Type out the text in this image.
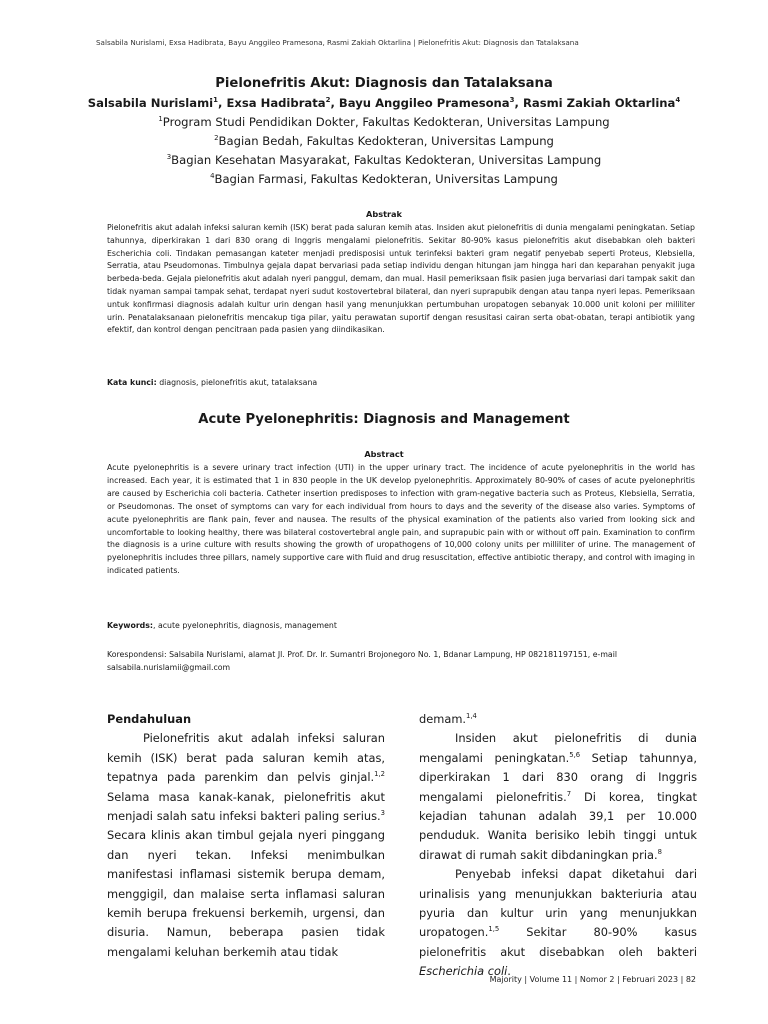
Salsabila Nurislami, Exsa Hadibrata, Bayu Anggileo Pramesona, Rasmi Zakiah Oktarlina | Pielonefritis Akut: Diagnosis dan Tatalaksana
Pielonefritis Akut: Diagnosis dan Tatalaksana
Salsabila Nurislami$^1$, Exsa Hadibrata$^2$, Bayu Anggileo Pramesona$^3$, Rasmi Zakiah Oktarlina$^4$
$^1$Program Studi Pendidikan Dokter, Fakultas Kedokteran, Universitas Lampung
$^2$Bagian Bedah, Fakultas Kedokteran, Universitas Lampung
$^3$Bagian Kesehatan Masyarakat, Fakultas Kedokteran, Universitas Lampung
$^4$Bagian Farmasi, Fakultas Kedokteran, Universitas Lampung
Abstrak
Pielonefritis akut adalah infeksi saluran kemih (ISK) berat pada saluran kemih atas. Insiden akut pielonefritis di dunia mengalami peningkatan. Setiap tahunnya, diperkirakan 1 dari 830 orang di Inggris mengalami pielonefritis. Sekitar 80-90% kasus pielonefritis akut disebabkan oleh bakteri Escherichia coli. Tindakan pemasangan kateter menjadi predisposisi untuk terinfeksi bakteri gram negatif penyebab seperti Proteus, Klebsiella, Serratia, atau Pseudomonas. Timbulnya gejala dapat bervariasi pada setiap individu dengan hitungan jam hingga hari dan keparahan penyakit juga berbeda-beda. Gejala pielonefritis akut adalah nyeri panggul, demam, dan mual. Hasil pemeriksaan fisik pasien juga bervariasi dari tampak sakit dan tidak nyaman sampai tampak sehat, terdapat nyeri sudut kostovertebral bilateral, dan nyeri suprapubik dengan atau tanpa nyeri lepas. Pemeriksaan untuk konfirmasi diagnosis adalah kultur urin dengan hasil yang menunjukkan pertumbuhan uropatogen sebanyak 10.000 unit koloni per mililiter urin. Penatalaksanaan pielonefritis mencakup tiga pilar, yaitu perawatan suportif dengan resusitasi cairan serta obat-obatan, terapi antibiotik yang efektif, dan kontrol dengan pencitraan pada pasien yang diindikasikan.
Kata kunci: diagnosis, pielonefritis akut, tatalaksana
Acute Pyelonephritis: Diagnosis and Management
Abstract
Acute pyelonephritis is a severe urinary tract infection (UTI) in the upper urinary tract. The incidence of acute pyelonephritis in the world has increased. Each year, it is estimated that 1 in 830 people in the UK develop pyelonephritis. Approximately 80-90% of cases of acute pyelonephritis are caused by Escherichia coli bacteria. Catheter insertion predisposes to infection with gram-negative bacteria such as Proteus, Klebsiella, Serratia, or Pseudomonas. The onset of symptoms can vary for each individual from hours to days and the severity of the disease also varies. Symptoms of acute pyelonephritis are flank pain, fever and nausea. The results of the physical examination of the patients also varied from looking sick and uncomfortable to looking healthy, there was bilateral costovertebral angle pain, and suprapubic pain with or without off pain. Examination to confirm the diagnosis is a urine culture with results showing the growth of uropathogens of 10,000 colony units per milliliter of urine. The management of pyelonephritis includes three pillars, namely supportive care with fluid and drug resuscitation, effective antibiotic therapy, and control with imaging in indicated patients.
Keywords:, acute pyelonephritis, diagnosis, management
Korespondensi: Salsabila Nurislami, alamat Jl. Prof. Dr. Ir. Sumantri Brojonegoro No. 1, Bdanar Lampung, HP 082181197151, e-mail salsabila.nurislamii@gmail.com

Pendahuluan

Pielonefritis akut adalah infeksi saluran kemih (ISK) berat pada saluran kemih atas, tepatnya pada parenkim dan pelvis ginjal.$^{1,2}$ Selama masa kanak-kanak, pielonefritis akut menjadi salah satu infeksi bakteri paling serius.$^3$ Secara klinis akan timbul gejala nyeri pinggang dan nyeri tekan. Infeksi menimbulkan manifestasi inflamasi sistemik berupa demam, menggigil, dan malaise serta inflamasi saluran kemih berupa frekuensi berkemih, urgensi, dan disuria. Namun, beberapa pasien tidak mengalami keluhan berkemih atau tidak

demam.$^{1,4}$

Insiden akut pielonefritis di dunia mengalami peningkatan.$^{5,6}$ Setiap tahunnya, diperkirakan 1 dari 830 orang di Inggris mengalami pielonefritis.$^7$ Di korea, tingkat kejadian tahunan adalah 39,1 per 10.000 penduduk. Wanita berisiko lebih tinggi untuk dirawat di rumah sakit dibdaningkan pria.$^8$

Penyebab infeksi dapat diketahui dari urinalisis yang menunjukkan bakteriuria atau pyuria dan kultur urin yang menunjukkan uropatogen.$^{1,5}$ Sekitar 80-90% kasus pielonefritis akut disebabkan oleh bakteri Escherichia coli.

Majority | Volume 11 | Nomor 2 | Februari 2023 | 82
